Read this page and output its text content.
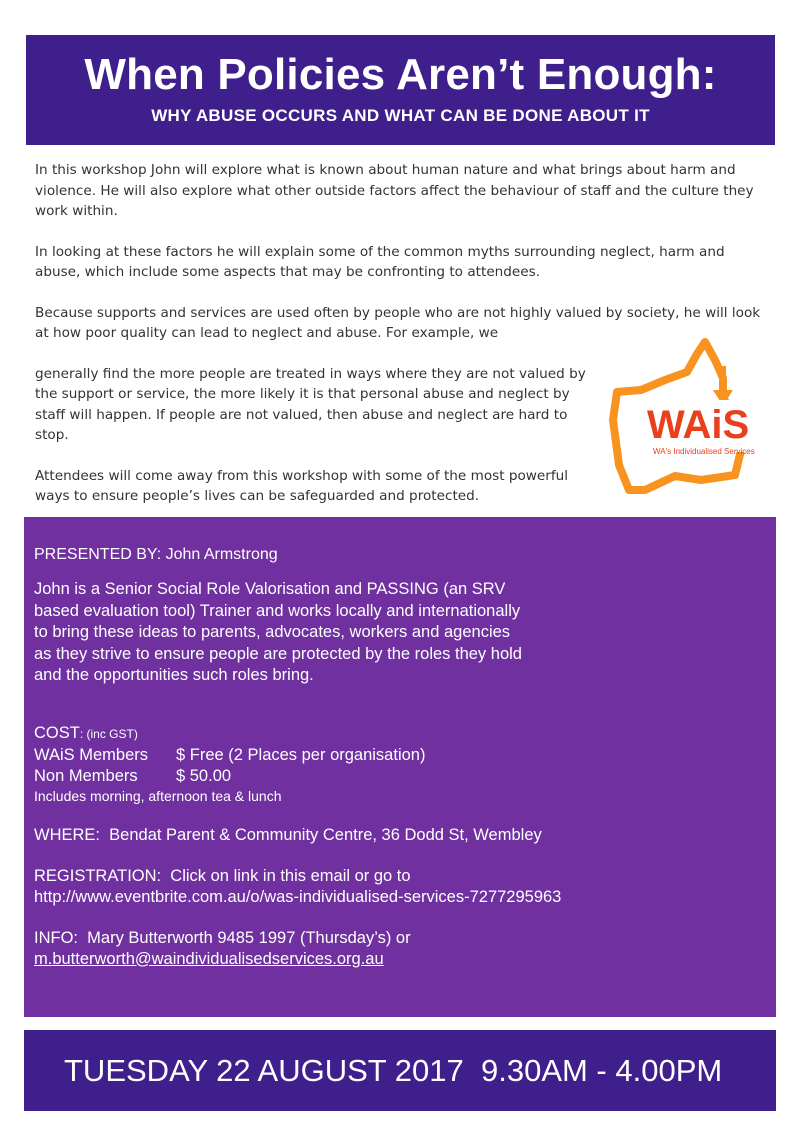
When Policies Aren’t Enough:
WHY ABUSE OCCURS AND WHAT CAN BE DONE ABOUT IT

In this workshop John will explore what is known about human nature and what brings about harm and violence. He will also explore what other outside factors affect the behaviour of staff and the culture they work within.

In looking at these factors he will explain some of the common myths surrounding neglect, harm and abuse, which include some aspects that may be confronting to attendees.

Because supports and services are used often by people who are not highly valued by society, he will look at how poor quality can lead to neglect and abuse. For example, we

generally find the more people are treated in ways where they are not valued by the support or service, the more likely it is that personal abuse and neglect by staff will happen. If people are not valued, then abuse and neglect are hard to stop.

Attendees will come away from this workshop with some of the most powerful ways to ensure people’s lives can be safeguarded and protected.

WAiS
WA's Individualised Services

PRESENTED BY: John Armstrong

John is a Senior Social Role Valorisation and PASSING (an SRV based evaluation tool) Trainer and works locally and internationally to bring these ideas to parents, advocates, workers and agencies as they strive to ensure people are protected by the roles they hold and the opportunities such roles bring.

COST: (inc GST)
WAiS Members	$ Free (2 Places per organisation)
Non Members	$ 50.00
Includes morning, afternoon tea & lunch

WHERE: Bendat Parent & Community Centre, 36 Dodd St, Wembley

REGISTRATION: Click on link in this email or go to
http://www.eventbrite.com.au/o/was-individualised-services-7277295963

INFO: Mary Butterworth 9485 1997 (Thursday’s) or
m.butterworth@waindividualisedservices.org.au

TUESDAY 22 AUGUST 2017 9.30AM - 4.00PM
